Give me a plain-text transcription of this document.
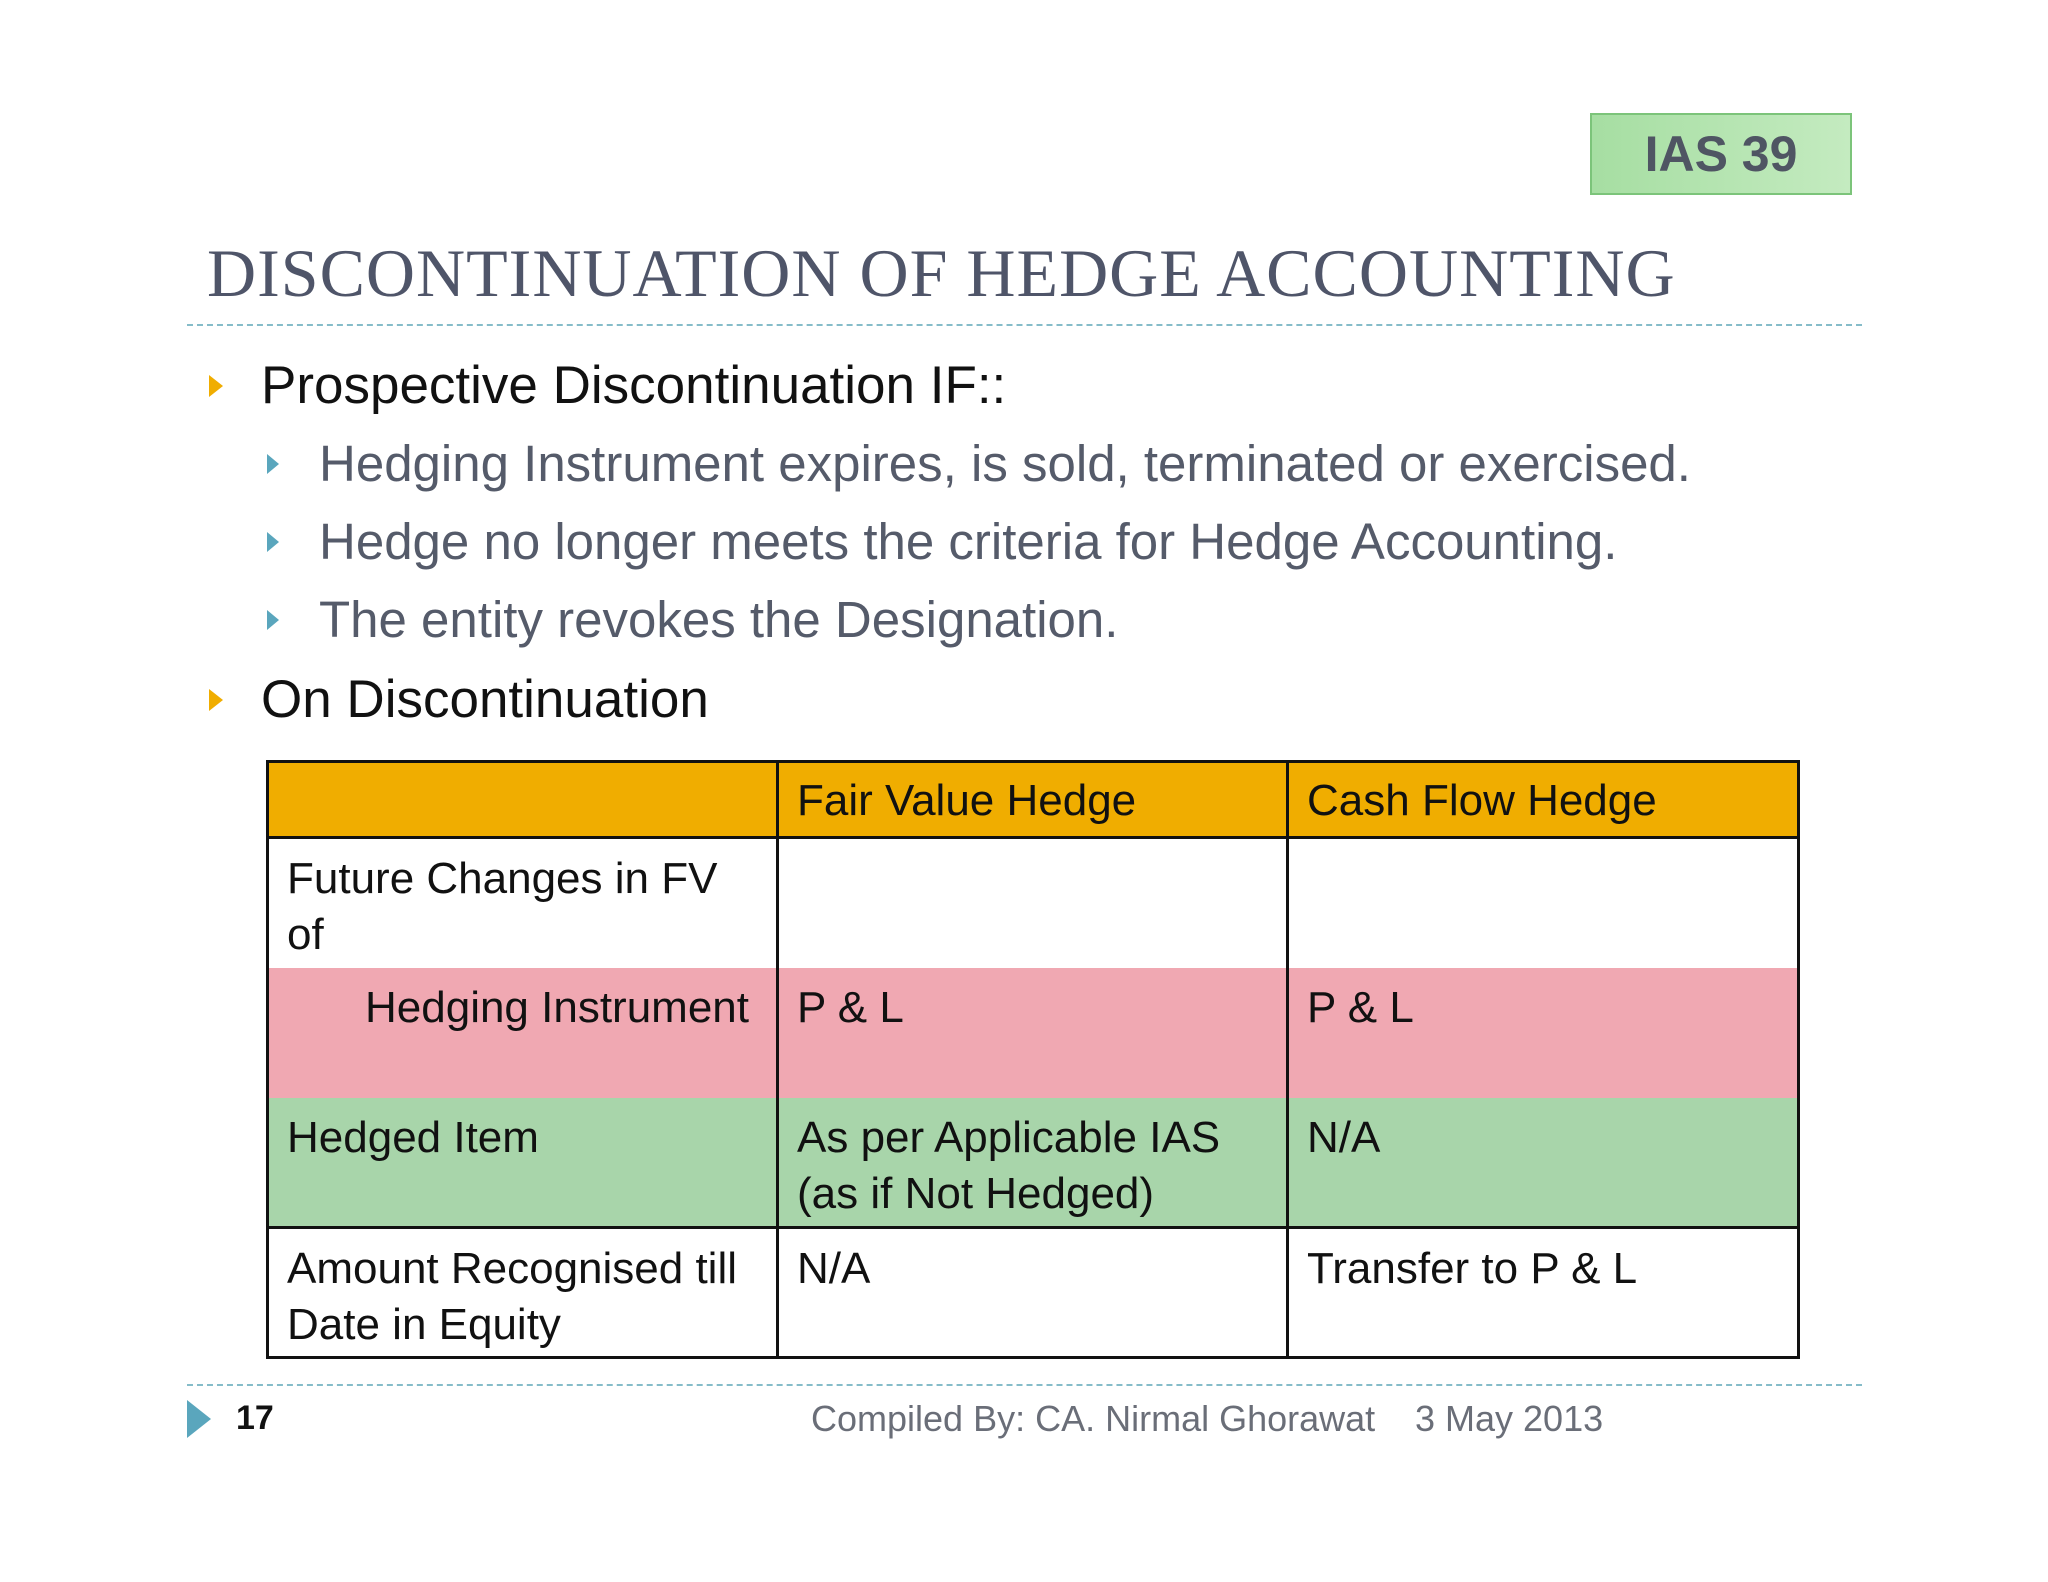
IAS 39
DISCONTINUATION OF HEDGE ACCOUNTING
Prospective Discontinuation IF::
Hedging Instrument expires, is sold, terminated or exercised.
Hedge no longer meets the criteria for Hedge Accounting.
The entity revokes the Designation.
On Discontinuation
	Fair Value Hedge	Cash Flow Hedge
Future Changes in FV of		
Hedging Instrument	P & L	P & L
Hedged Item	As per Applicable IAS (as if Not Hedged)	N/A
Amount Recognised till Date in Equity	N/A	Transfer to P & L
17	Compiled By: CA. Nirmal Ghorawat 3 May 2013
